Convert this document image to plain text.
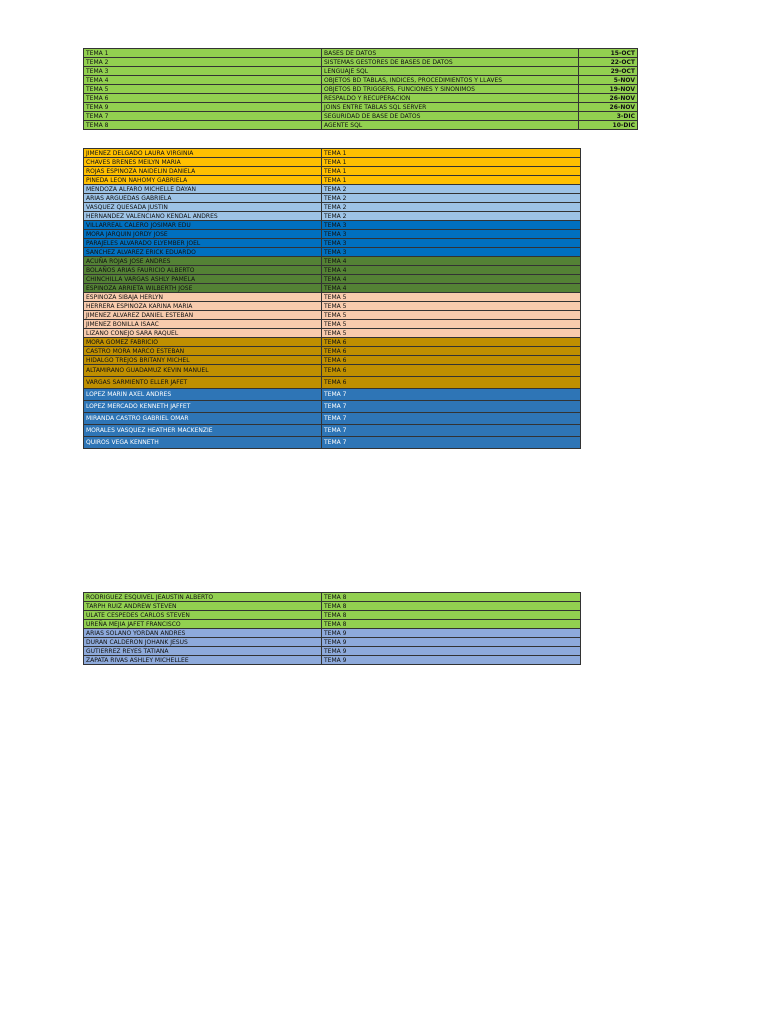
TEMA 1	BASES DE DATOS	15-OCT
TEMA 2	SISTEMAS GESTORES DE BASES DE DATOS	22-OCT
TEMA 3	LENGUAJE SQL	29-OCT
TEMA 4	OBJETOS BD TABLAS, INDICES, PROCEDIMIENTOS Y LLAVES	5-NOV
TEMA 5	OBJETOS BD TRIGGERS, FUNCIONES Y SINONIMOS	19-NOV
TEMA 6	RESPALDO Y RECUPERACION	26-NOV
TEMA 9	JOINS ENTRE TABLAS SQL SERVER	26-NOV
TEMA 7	SEGURIDAD DE BASE DE DATOS	3-DIC
TEMA 8	AGENTE SQL	10-DIC
JIMENEZ DELGADO LAURA VIRGINIA	TEMA 1
CHAVES BRENES MEILYN MARIA	TEMA 1
ROJAS ESPINOZA NAIDELIN DANIELA	TEMA 1
PINEDA LEON NAHOMY GABRIELA	TEMA 1
MENDOZA ALFARO MICHELLE DAYAN	TEMA 2
ARIAS ARGUEDAS GABRIELA	TEMA 2
VASQUEZ QUESADA JUSTIN	TEMA 2
HERNANDEZ VALENCIANO KENDAL ANDRES	TEMA 2
VILLARREAL CALERO JOSIMAR EDU	TEMA 3
MORA JARQUIN JORDY JOSE	TEMA 3
PARAJELES ALVARADO ELYEMBER JOEL	TEMA 3
SANCHEZ ALVAREZ ERICK EDUARDO	TEMA 3
ACUÑA ROJAS JOSE ANDRES	TEMA 4
BOLAÑOS ARIAS FAURICIO ALBERTO	TEMA 4
CHINCHILLA VARGAS ASHLY PAMELA	TEMA 4
ESPINOZA ARRIETA WILBERTH JOSE	TEMA 4
ESPINOZA SIBAJA HERLYN	TEMA 5
HERRERA ESPINOZA KARINA MARIA	TEMA 5
JIMENEZ ALVAREZ DANIEL ESTEBAN	TEMA 5
JIMENEZ BONILLA ISAAC	TEMA 5
LIZANO CONEJO SARA RAQUEL	TEMA 5
MORA GOMEZ FABRICIO	TEMA 6
CASTRO MORA MARCO ESTEBAN	TEMA 6
HIDALGO TREJOS BRITANY MICHEL	TEMA 6
ALTAMIRANO GUADAMUZ KEVIN MANUEL	TEMA 6
VARGAS SARMIENTO ELLER JAFET	TEMA 6
LOPEZ MARIN AXEL ANDRES	TEMA 7
LOPEZ MERCADO KENNETH JAFFET	TEMA 7
MIRANDA CASTRO GABRIEL OMAR	TEMA 7
MORALES VASQUEZ HEATHER MACKENZIE	TEMA 7
QUIROS VEGA KENNETH	TEMA 7
RODRIGUEZ ESQUIVEL JEAUSTIN ALBERTO	TEMA 8
TARPH RUIZ ANDREW STEVEN	TEMA 8
ULATE CESPEDES CARLOS STEVEN	TEMA 8
UREÑA MEJIA JAFET FRANCISCO	TEMA 8
ARIAS SOLANO YORDAN ANDRES	TEMA 9
DURAN CALDERON JOHANK JESUS	TEMA 9
GUTIERREZ REYES TATIANA	TEMA 9
ZAPATA RIVAS ASHLEY MICHELLEE	TEMA 9
